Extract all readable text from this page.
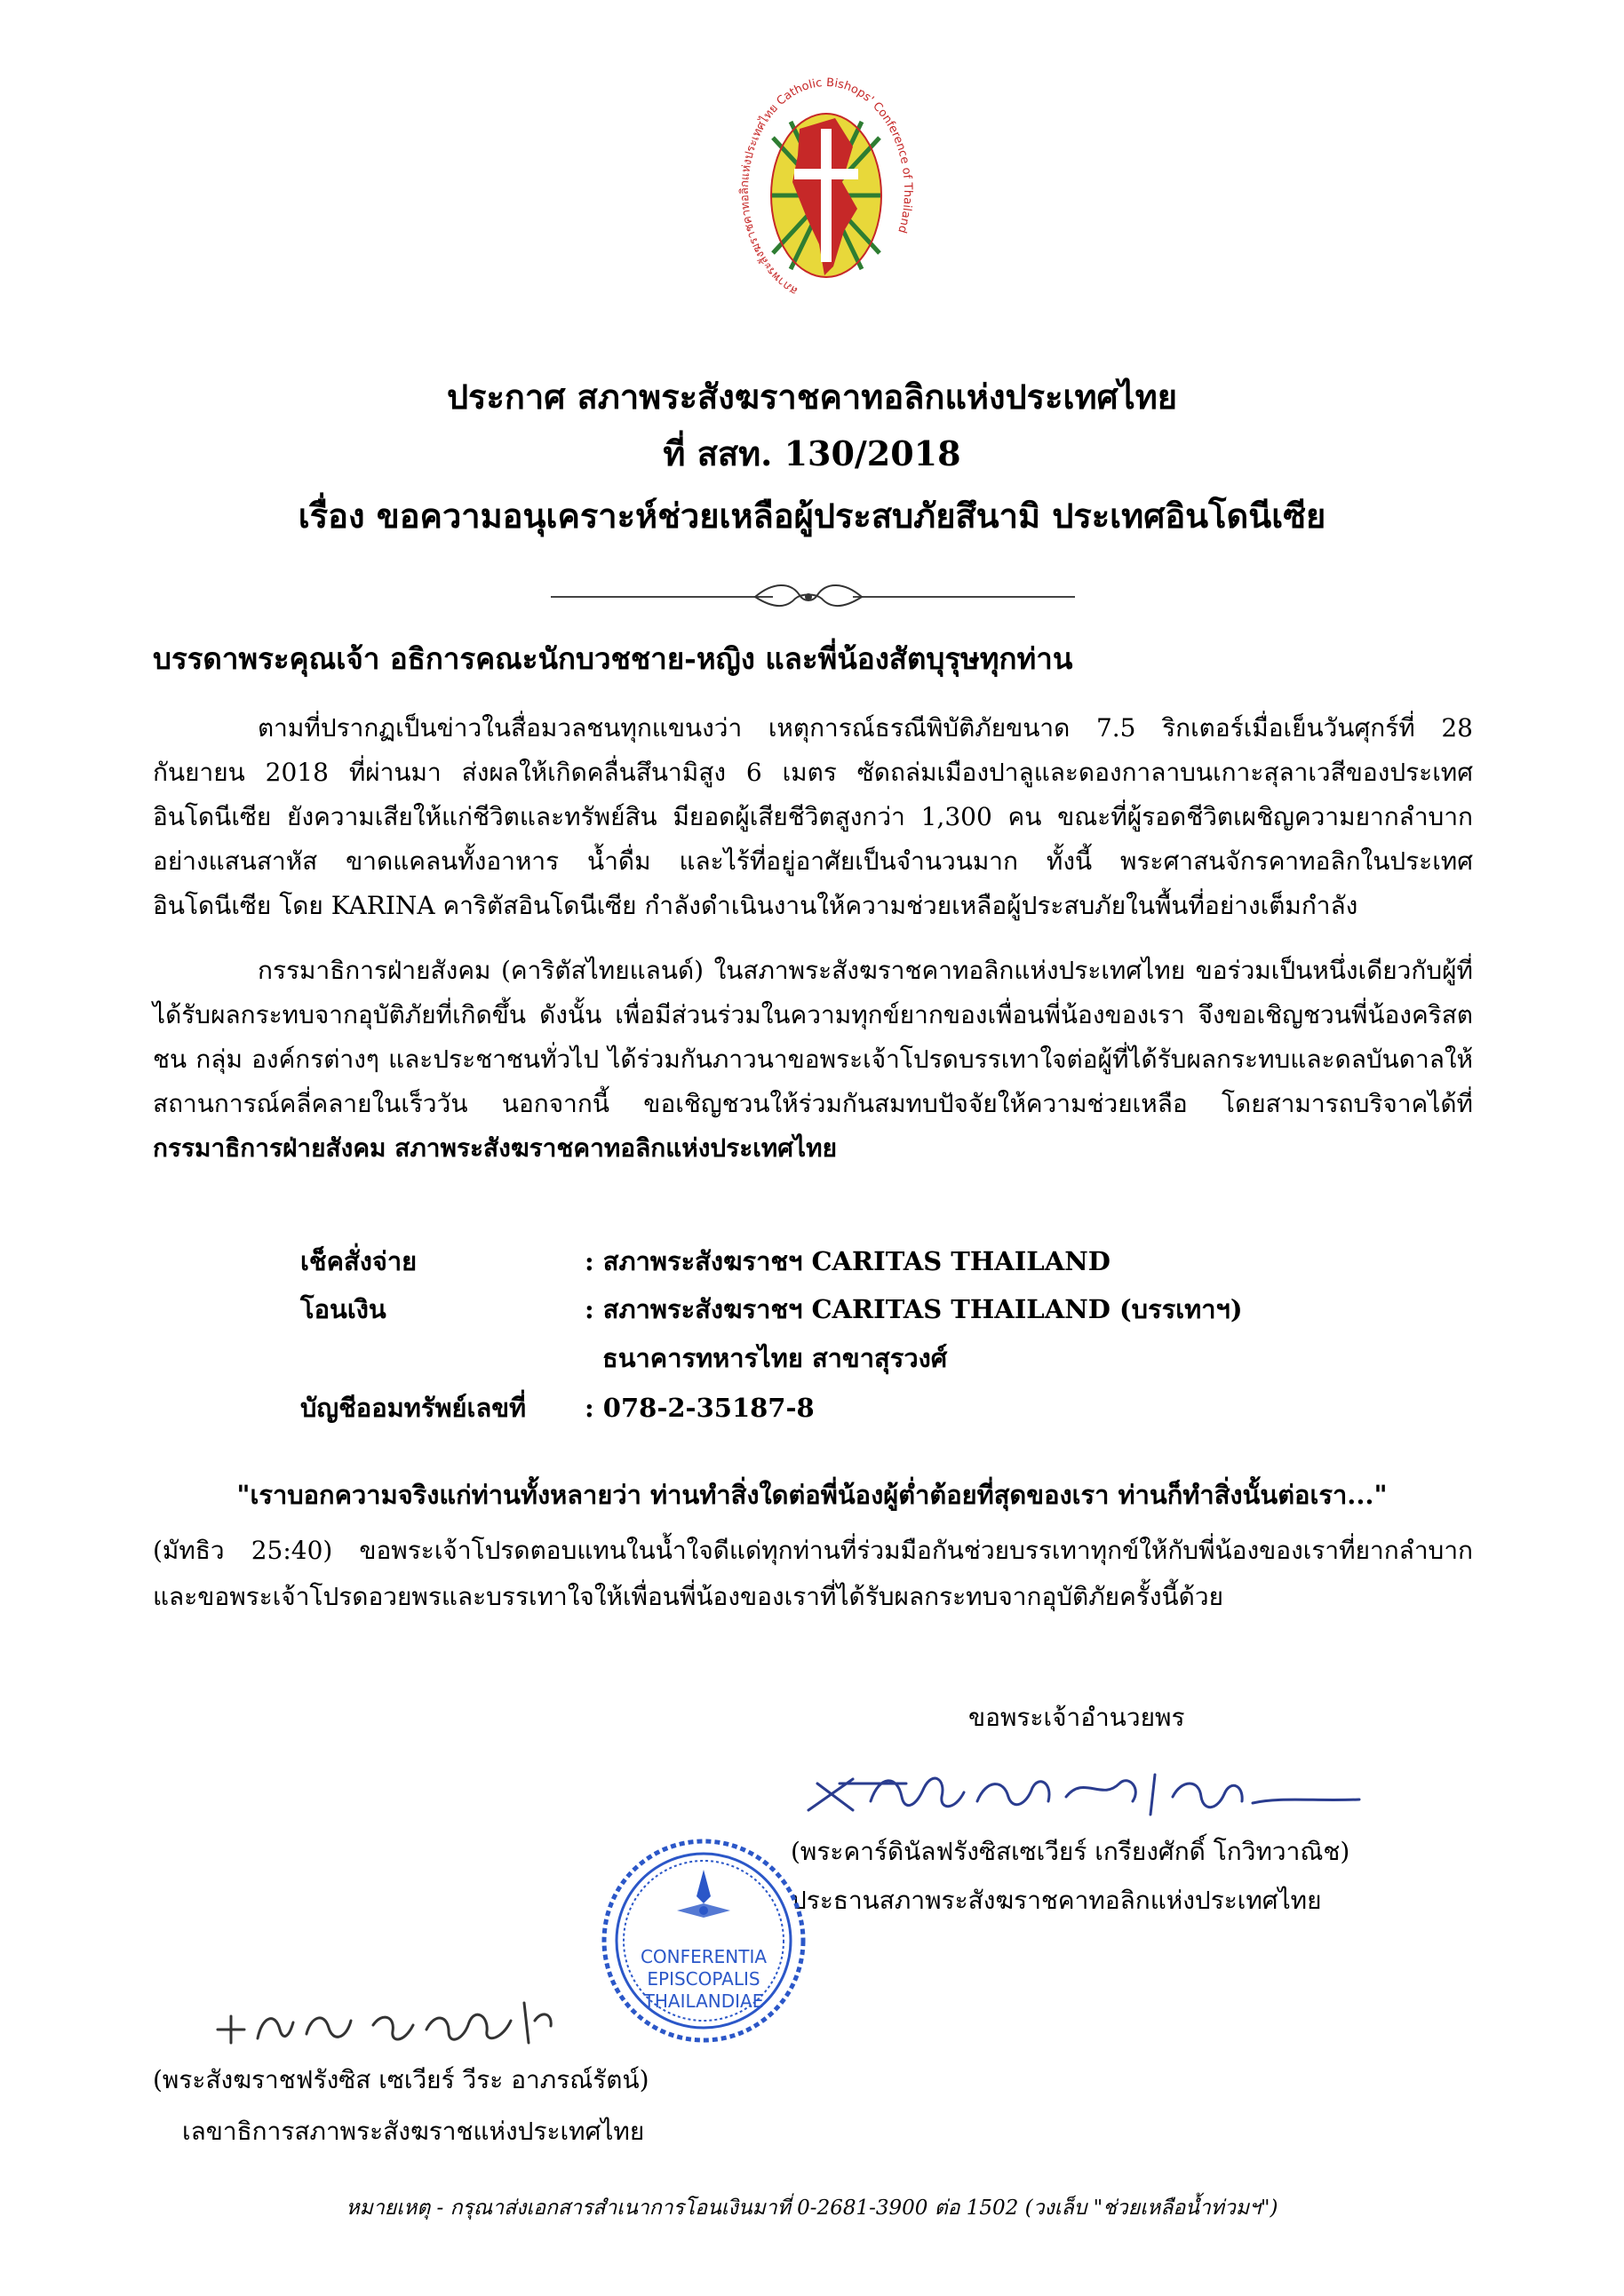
สภาพระสังฆราชคาทอลิกแห่งประเทศไทย Catholic Bishops' Conference of Thailand
ประกาศ สภาพระสังฆราชคาทอลิกแห่งประเทศไทย
ที่ สสท. 130/2018
เรื่อง ขอความอนุเคราะห์ช่วยเหลือผู้ประสบภัยสึนามิ ประเทศอินโดนีเซีย
บรรดาพระคุณเจ้า อธิการคณะนักบวชชาย-หญิง และพี่น้องสัตบุรุษทุกท่าน
ตามที่ปรากฏเป็นข่าวในสื่อมวลชนทุกแขนงว่า เหตุการณ์ธรณีพิบัติภัยขนาด 7.5 ริกเตอร์เมื่อเย็นวันศุกร์ที่ 28 กันยายน 2018 ที่ผ่านมา ส่งผลให้เกิดคลื่นสึนามิสูง 6 เมตร ซัดถล่มเมืองปาลูและดองกาลาบนเกาะสุลาเวสีของประเทศอินโดนีเซีย ยังความเสียให้แก่ชีวิตและทรัพย์สิน มียอดผู้เสียชีวิตสูงกว่า 1,300 คน ขณะที่ผู้รอดชีวิตเผชิญความยากลำบากอย่างแสนสาหัส ขาดแคลนทั้งอาหาร น้ำดื่ม และไร้ที่อยู่อาศัยเป็นจำนวนมาก ทั้งนี้ พระศาสนจักรคาทอลิกในประเทศอินโดนีเซีย โดย KARINA คาริตัสอินโดนีเซีย กำลังดำเนินงานให้ความช่วยเหลือผู้ประสบภัยในพื้นที่อย่างเต็มกำลัง
กรรมาธิการฝ่ายสังคม (คาริตัสไทยแลนด์) ในสภาพระสังฆราชคาทอลิกแห่งประเทศไทย ขอร่วมเป็นหนึ่งเดียวกับผู้ที่ได้รับผลกระทบจากอุบัติภัยที่เกิดขึ้น ดังนั้น เพื่อมีส่วนร่วมในความทุกข์ยากของเพื่อนพี่น้องของเรา จึงขอเชิญชวนพี่น้องคริสตชน กลุ่ม องค์กรต่างๆ และประชาชนทั่วไป ได้ร่วมกันภาวนาขอพระเจ้าโปรดบรรเทาใจต่อผู้ที่ได้รับผลกระทบและดลบันดาลให้สถานการณ์คลี่คลายในเร็ววัน นอกจากนี้ ขอเชิญชวนให้ร่วมกันสมทบปัจจัยให้ความช่วยเหลือ โดยสามารถบริจาคได้ที่ กรรมาธิการฝ่ายสังคม สภาพระสังฆราชคาทอลิกแห่งประเทศไทย
เช็คสั่งจ่าย	: สภาพระสังฆราชฯ CARITAS THAILAND
โอนเงิน	: สภาพระสังฆราชฯ CARITAS THAILAND (บรรเทาฯ)
ธนาคารทหารไทย สาขาสุรวงศ์
บัญชีออมทรัพย์เลขที่ : 078-2-35187-8
"เราบอกความจริงแก่ท่านทั้งหลายว่า ท่านทำสิ่งใดต่อพี่น้องผู้ต่ำต้อยที่สุดของเรา ท่านก็ทำสิ่งนั้นต่อเรา..."
(มัทธิว 25:40) ขอพระเจ้าโปรดตอบแทนในน้ำใจดีแด่ทุกท่านที่ร่วมมือกันช่วยบรรเทาทุกข์ให้กับพี่น้องของเราที่ยากลำบากและขอพระเจ้าโปรดอวยพรและบรรเทาใจให้เพื่อนพี่น้องของเราที่ได้รับผลกระทบจากอุบัติภัยครั้งนี้ด้วย
ขอพระเจ้าอำนวยพร
(พระคาร์ดินัลฟรังซิสเซเวียร์ เกรียงศักดิ์ โกวิทวาณิช)
ประธานสภาพระสังฆราชคาทอลิกแห่งประเทศไทย
CONFERENTIA
EPISCOPALIS
THAILANDIAE
(พระสังฆราชฟรังซิส เซเวียร์ วีระ อาภรณ์รัตน์)
เลขาธิการสภาพระสังฆราชแห่งประเทศไทย
หมายเหตุ - กรุณาส่งเอกสารสำเนาการโอนเงินมาที่ 0-2681-3900 ต่อ 1502 (วงเล็บ "ช่วยเหลือน้ำท่วมฯ")
